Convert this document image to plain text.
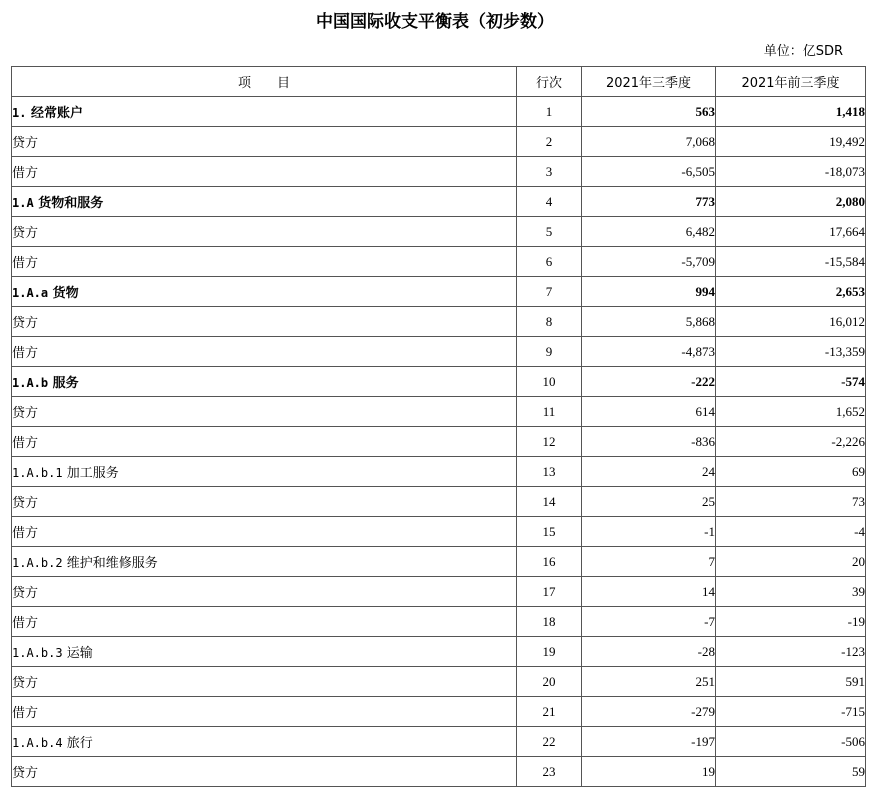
中国国际收支平衡表（初步数）
单位：亿SDR
项　　目	行次	2021年三季度	2021年前三季度
1. 经常账户	1	563	1,418
贷方	2	7,068	19,492
借方	3	-6,505	-18,073
1.A 货物和服务	4	773	2,080
贷方	5	6,482	17,664
借方	6	-5,709	-15,584
1.A.a 货物	7	994	2,653
贷方	8	5,868	16,012
借方	9	-4,873	-13,359
1.A.b 服务	10	-222	-574
贷方	11	614	1,652
借方	12	-836	-2,226
1.A.b.1 加工服务	13	24	69
贷方	14	25	73
借方	15	-1	-4
1.A.b.2 维护和维修服务	16	7	20
贷方	17	14	39
借方	18	-7	-19
1.A.b.3 运输	19	-28	-123
贷方	20	251	591
借方	21	-279	-715
1.A.b.4 旅行	22	-197	-506
贷方	23	19	59
